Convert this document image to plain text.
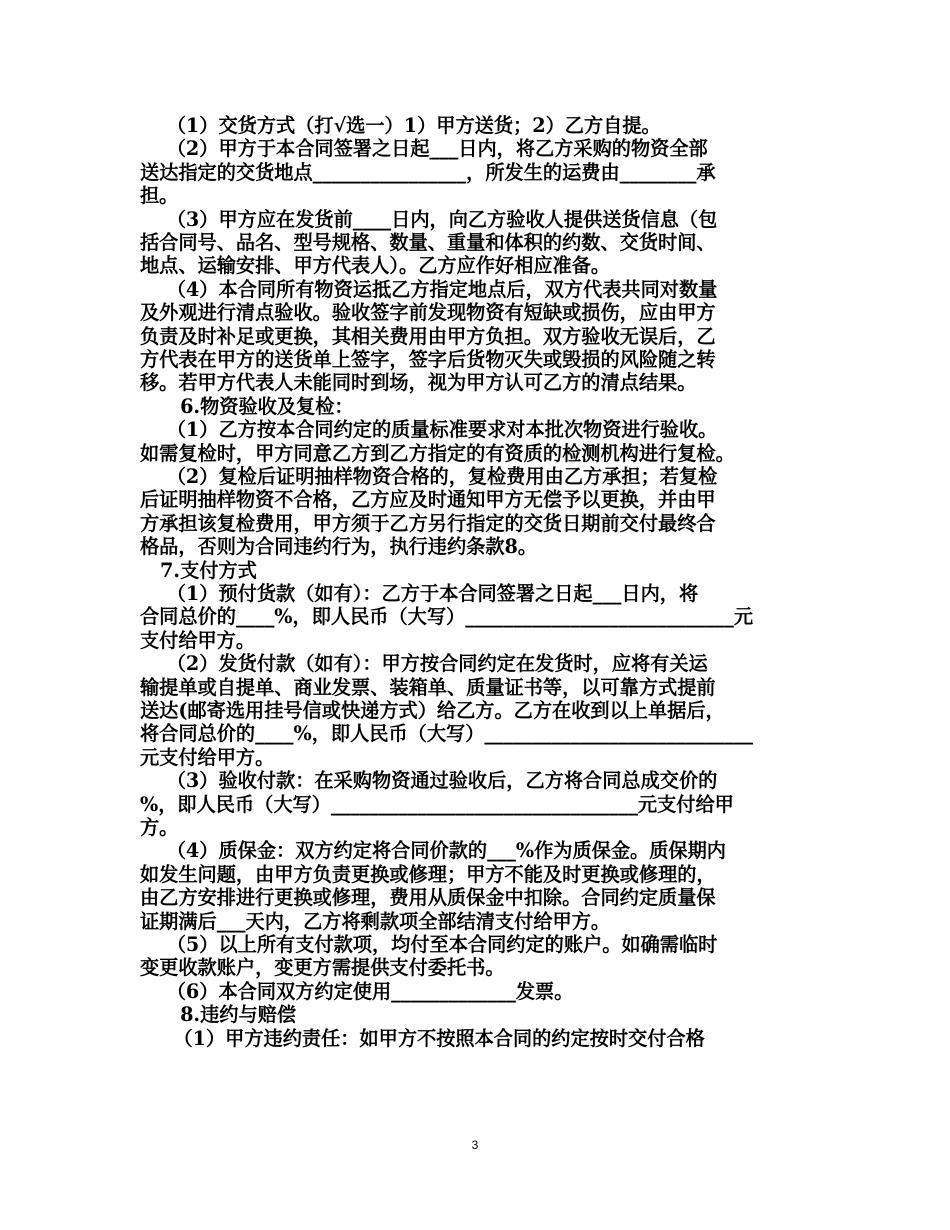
（1）交货方式（打√选一）1）甲方送货；2）乙方自提。
（2）甲方于本合同签署之日起___日内，将乙方采购的物资全部
送达指定的交货地点________________，所发生的运费由________承
担。
（3）甲方应在发货前____日内，向乙方验收人提供送货信息（包
括合同号、品名、型号规格、数量、重量和体积的约数、交货时间、
地点、运输安排、甲方代表人）。乙方应作好相应准备。
（4）本合同所有物资运抵乙方指定地点后，双方代表共同对数量
及外观进行清点验收。验收签字前发现物资有短缺或损伤，应由甲方
负责及时补足或更换，其相关费用由甲方负担。双方验收无误后，乙
方代表在甲方的送货单上签字，签字后货物灭失或毁损的风险随之转
移。若甲方代表人未能同时到场，视为甲方认可乙方的清点结果。
6.物资验收及复检：
（1）乙方按本合同约定的质量标准要求对本批次物资进行验收。
如需复检时，甲方同意乙方到乙方指定的有资质的检测机构进行复检。
（2）复检后证明抽样物资合格的，复检费用由乙方承担；若复检
后证明抽样物资不合格，乙方应及时通知甲方无偿予以更换，并由甲
方承担该复检费用，甲方须于乙方另行指定的交货日期前交付最终合
格品，否则为合同违约行为，执行违约条款8。
7.支付方式
（1）预付货款（如有）：乙方于本合同签署之日起___日内，将
合同总价的____%，即人民币（大写）____________________________元
支付给甲方。
（2）发货付款（如有）：甲方按合同约定在发货时，应将有关运
输提单或自提单、商业发票、装箱单、质量证书等，以可靠方式提前
送达(邮寄选用挂号信或快递方式）给乙方。乙方在收到以上单据后，
将合同总价的____%，即人民币（大写）____________________________
元支付给甲方。
（3）验收付款：在采购物资通过验收后，乙方将合同总成交价的
%，即人民币（大写）________________________________元支付给甲
方。
（4）质保金：双方约定将合同价款的___%作为质保金。质保期内
如发生问题，由甲方负责更换或修理；甲方不能及时更换或修理的，
由乙方安排进行更换或修理，费用从质保金中扣除。合同约定质量保
证期满后___天内，乙方将剩款项全部结清支付给甲方。
（5）以上所有支付款项，均付至本合同约定的账户。如确需临时
变更收款账户，变更方需提供支付委托书。
（6）本合同双方约定使用_____________发票。
8.违约与赔偿
（1）甲方违约责任：如甲方不按照本合同的约定按时交付合格
3
